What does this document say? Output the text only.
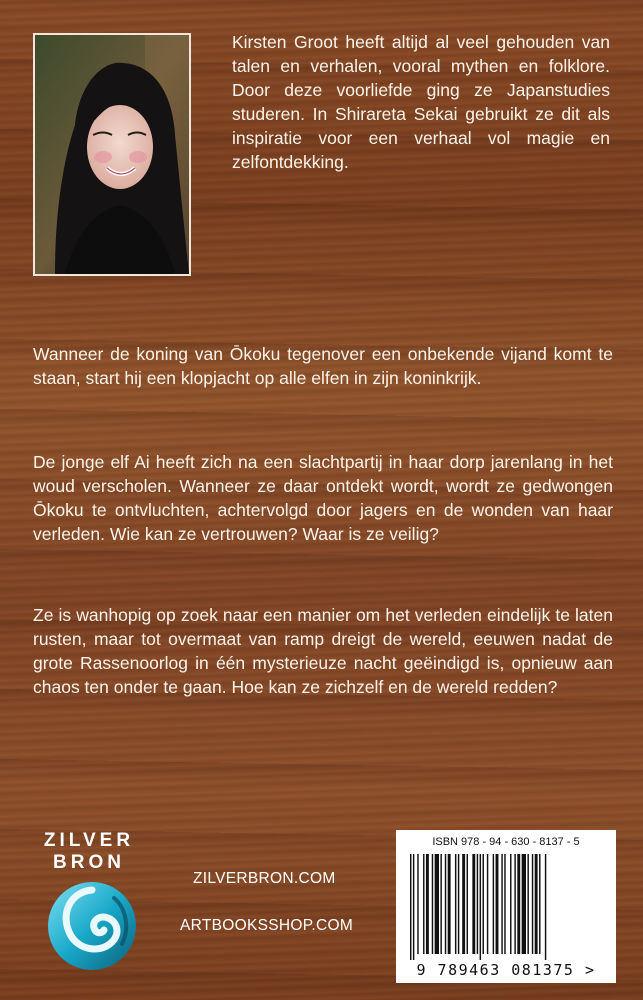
Kirsten Groot heeft altijd al veel gehouden van talen en verhalen, vooral mythen en folklore. Door deze voorliefde ging ze Japanstudies studeren. In Shirareta Sekai gebruikt ze dit als inspiratie voor een verhaal vol magie en zelfontdekking.

Wanneer de koning van Ōkoku tegenover een onbekende vijand komt te staan, start hij een klopjacht op alle elfen in zijn koninkrijk.

De jonge elf Ai heeft zich na een slachtpartij in haar dorp jarenlang in het woud verscholen. Wanneer ze daar ontdekt wordt, wordt ze gedwongen Ōkoku te ontvluchten, achtervolgd door jagers en de wonden van haar verleden. Wie kan ze vertrouwen? Waar is ze veilig?

Ze is wanhopig op zoek naar een manier om het verleden eindelijk te laten rusten, maar tot overmaat van ramp dreigt de wereld, eeuwen nadat de grote Rassenoorlog in één mysterieuze nacht geëindigd is, opnieuw aan chaos ten onder te gaan. Hoe kan ze zichzelf en de wereld redden?

ZILVER

BRON

ZILVERBRON.COM

ARTBOOKSSHOP.COM

ISBN 978 - 94 - 630 - 8137 - 5

9 789463 081375 >
